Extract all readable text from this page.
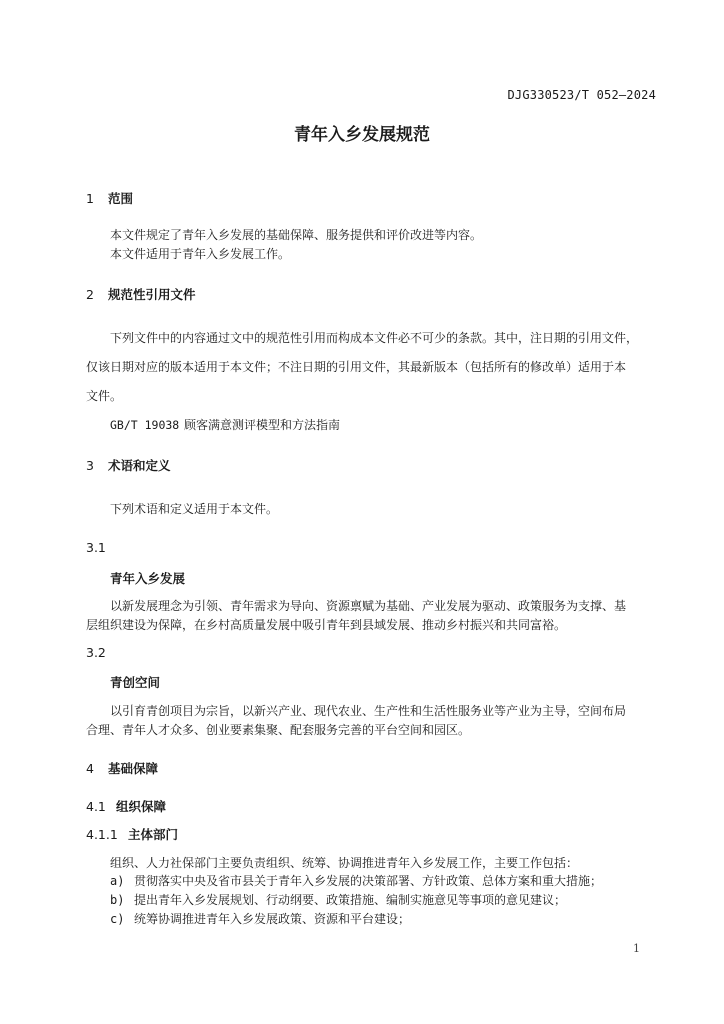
DJG330523/T 052—2024
青年入乡发展规范
1 范围
本文件规定了青年入乡发展的基础保障、服务提供和评价改进等内容。
本文件适用于青年入乡发展工作。
2 规范性引用文件
下列文件中的内容通过文中的规范性引用而构成本文件必不可少的条款。其中，注日期的引用文件，
仅该日期对应的版本适用于本文件；不注日期的引用文件，其最新版本（包括所有的修改单）适用于本
文件。
GB/T 19038 顾客满意测评模型和方法指南
3 术语和定义
下列术语和定义适用于本文件。
3.1
青年入乡发展
以新发展理念为引领、青年需求为导向、资源禀赋为基础、产业发展为驱动、政策服务为支撑、基
层组织建设为保障，在乡村高质量发展中吸引青年到县域发展、推动乡村振兴和共同富裕。
3.2
青创空间
以引育青创项目为宗旨，以新兴产业、现代农业、生产性和生活性服务业等产业为主导，空间布局
合理、青年人才众多、创业要素集聚、配套服务完善的平台空间和园区。
4 基础保障
4.1 组织保障
4.1.1 主体部门
组织、人力社保部门主要负责组织、统筹、协调推进青年入乡发展工作，主要工作包括：
a) 贯彻落实中央及省市县关于青年入乡发展的决策部署、方针政策、总体方案和重大措施；
b) 提出青年入乡发展规划、行动纲要、政策措施、编制实施意见等事项的意见建议；
c) 统筹协调推进青年入乡发展政策、资源和平台建设；
1
